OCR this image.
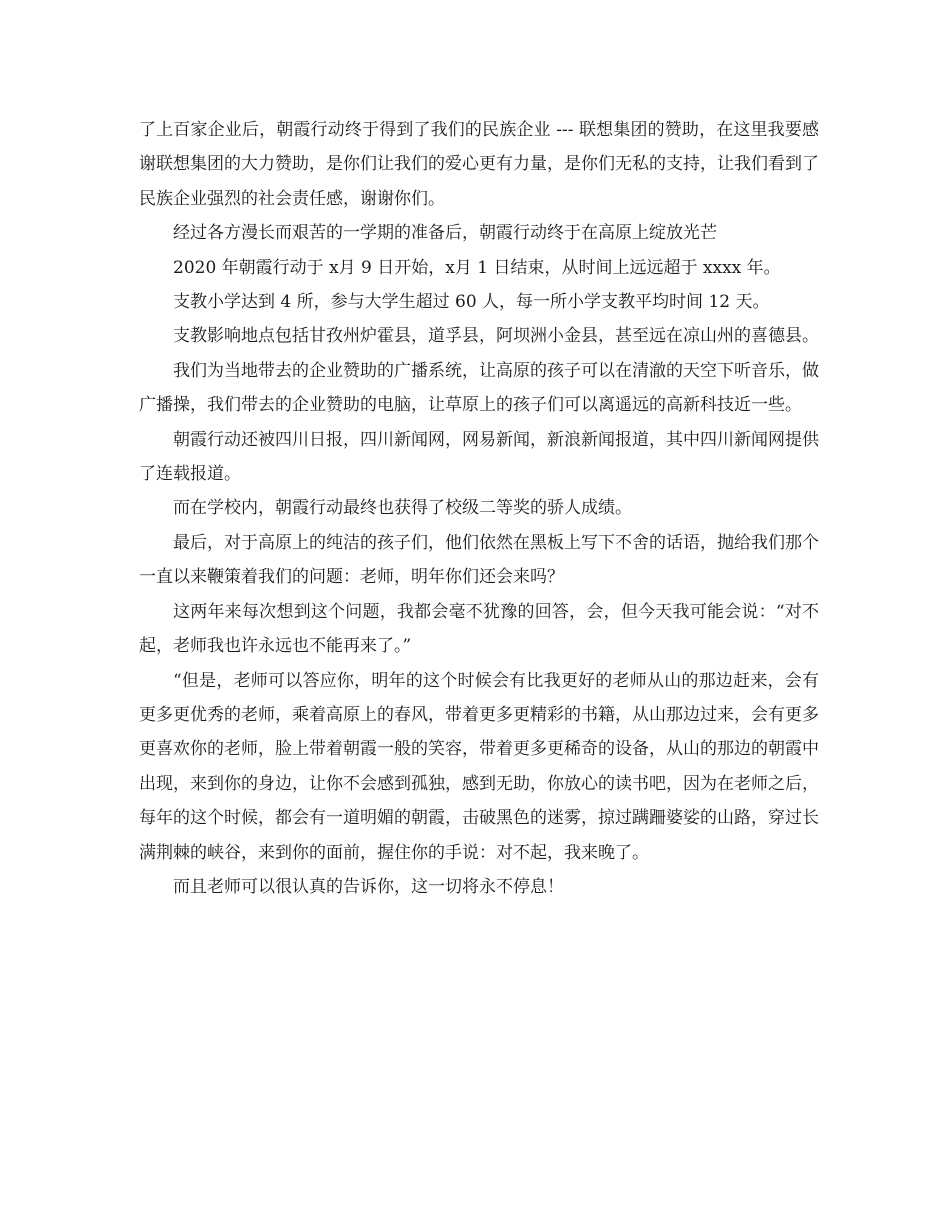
了上百家企业后，朝霞行动终于得到了我们的民族企业 --- 联想集团的赞助，在这里我要感谢联想集团的大力赞助，是你们让我们的爱心更有力量，是你们无私的支持，让我们看到了民族企业强烈的社会责任感，谢谢你们。

经过各方漫长而艰苦的一学期的准备后，朝霞行动终于在高原上绽放光芒

2020 年朝霞行动于 x月 9 日开始，x月 1 日结束，从时间上远远超于 xxxx 年。

支教小学达到 4 所，参与大学生超过 60 人，每一所小学支教平均时间 12 天。

支教影响地点包括甘孜州炉霍县，道孚县，阿坝洲小金县，甚至远在凉山州的喜德县。

我们为当地带去的企业赞助的广播系统，让高原的孩子可以在清澈的天空下听音乐，做广播操，我们带去的企业赞助的电脑，让草原上的孩子们可以离遥远的高新科技近一些。

朝霞行动还被四川日报，四川新闻网，网易新闻，新浪新闻报道，其中四川新闻网提供了连载报道。

而在学校内，朝霞行动最终也获得了校级二等奖的骄人成绩。

最后，对于高原上的纯洁的孩子们，他们依然在黑板上写下不舍的话语，抛给我们那个一直以来鞭策着我们的问题：老师，明年你们还会来吗？

这两年来每次想到这个问题，我都会毫不犹豫的回答，会，但今天我可能会说：“对不起，老师我也许永远也不能再来了。”

“但是，老师可以答应你，明年的这个时候会有比我更好的老师从山的那边赶来，会有更多更优秀的老师，乘着高原上的春风，带着更多更精彩的书籍，从山那边过来，会有更多更喜欢你的老师，脸上带着朝霞一般的笑容，带着更多更稀奇的设备，从山的那边的朝霞中出现，来到你的身边，让你不会感到孤独，感到无助，你放心的读书吧，因为在老师之后，每年的这个时候，都会有一道明媚的朝霞，击破黑色的迷雾，掠过蹒跚婆娑的山路，穿过长满荆棘的峡谷，来到你的面前，握住你的手说：对不起，我来晚了。

而且老师可以很认真的告诉你，这一切将永不停息！
